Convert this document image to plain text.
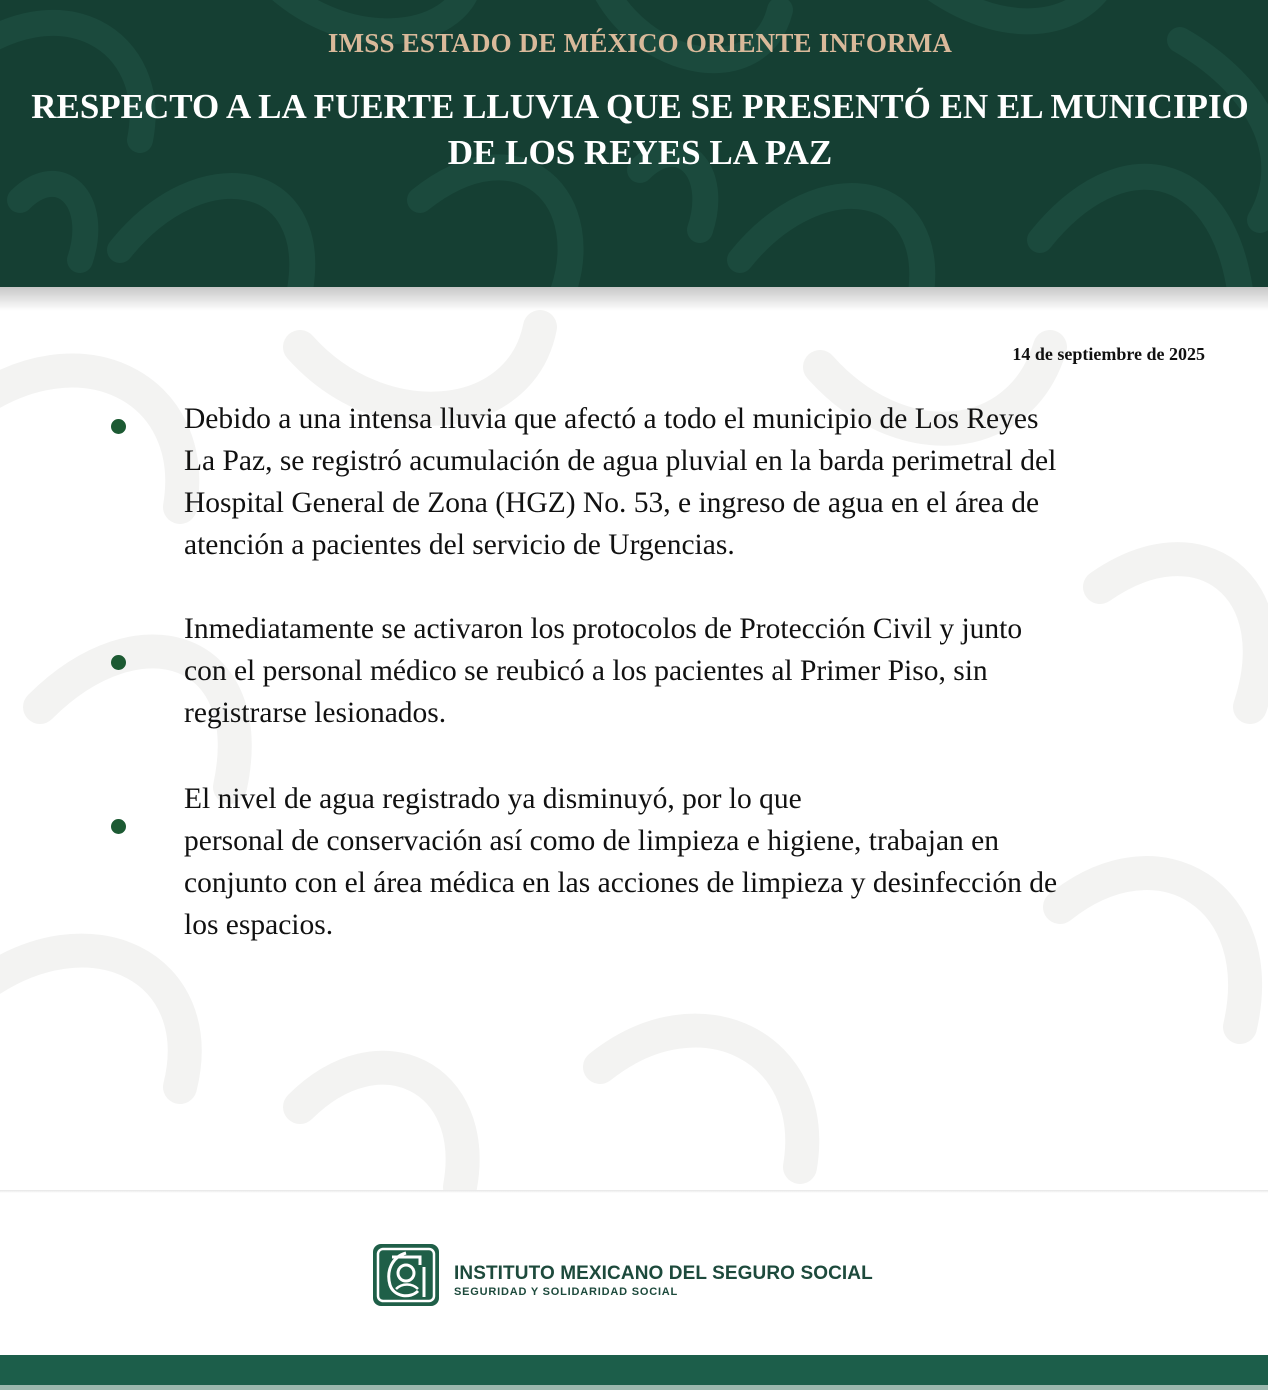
IMSS ESTADO DE MÉXICO ORIENTE INFORMA
RESPECTO A LA FUERTE LLUVIA QUE SE PRESENTÓ EN EL MUNICIPIO
DE LOS REYES LA PAZ
14 de septiembre de 2025
Debido a una intensa lluvia que afectó a todo el municipio de Los Reyes
La Paz, se registró acumulación de agua pluvial en la barda perimetral del
Hospital General de Zona (HGZ) No. 53, e ingreso de agua en el área de
atención a pacientes del servicio de Urgencias.
Inmediatamente se activaron los protocolos de Protección Civil y junto
con el personal médico se reubicó a los pacientes al Primer Piso, sin
registrarse lesionados.
El nivel de agua registrado ya disminuyó, por lo que
personal de conservación así como de limpieza e higiene, trabajan en
conjunto con el área médica en las acciones de limpieza y desinfección de
los espacios.
INSTITUTO MEXICANO DEL SEGURO SOCIAL
SEGURIDAD Y SOLIDARIDAD SOCIAL
